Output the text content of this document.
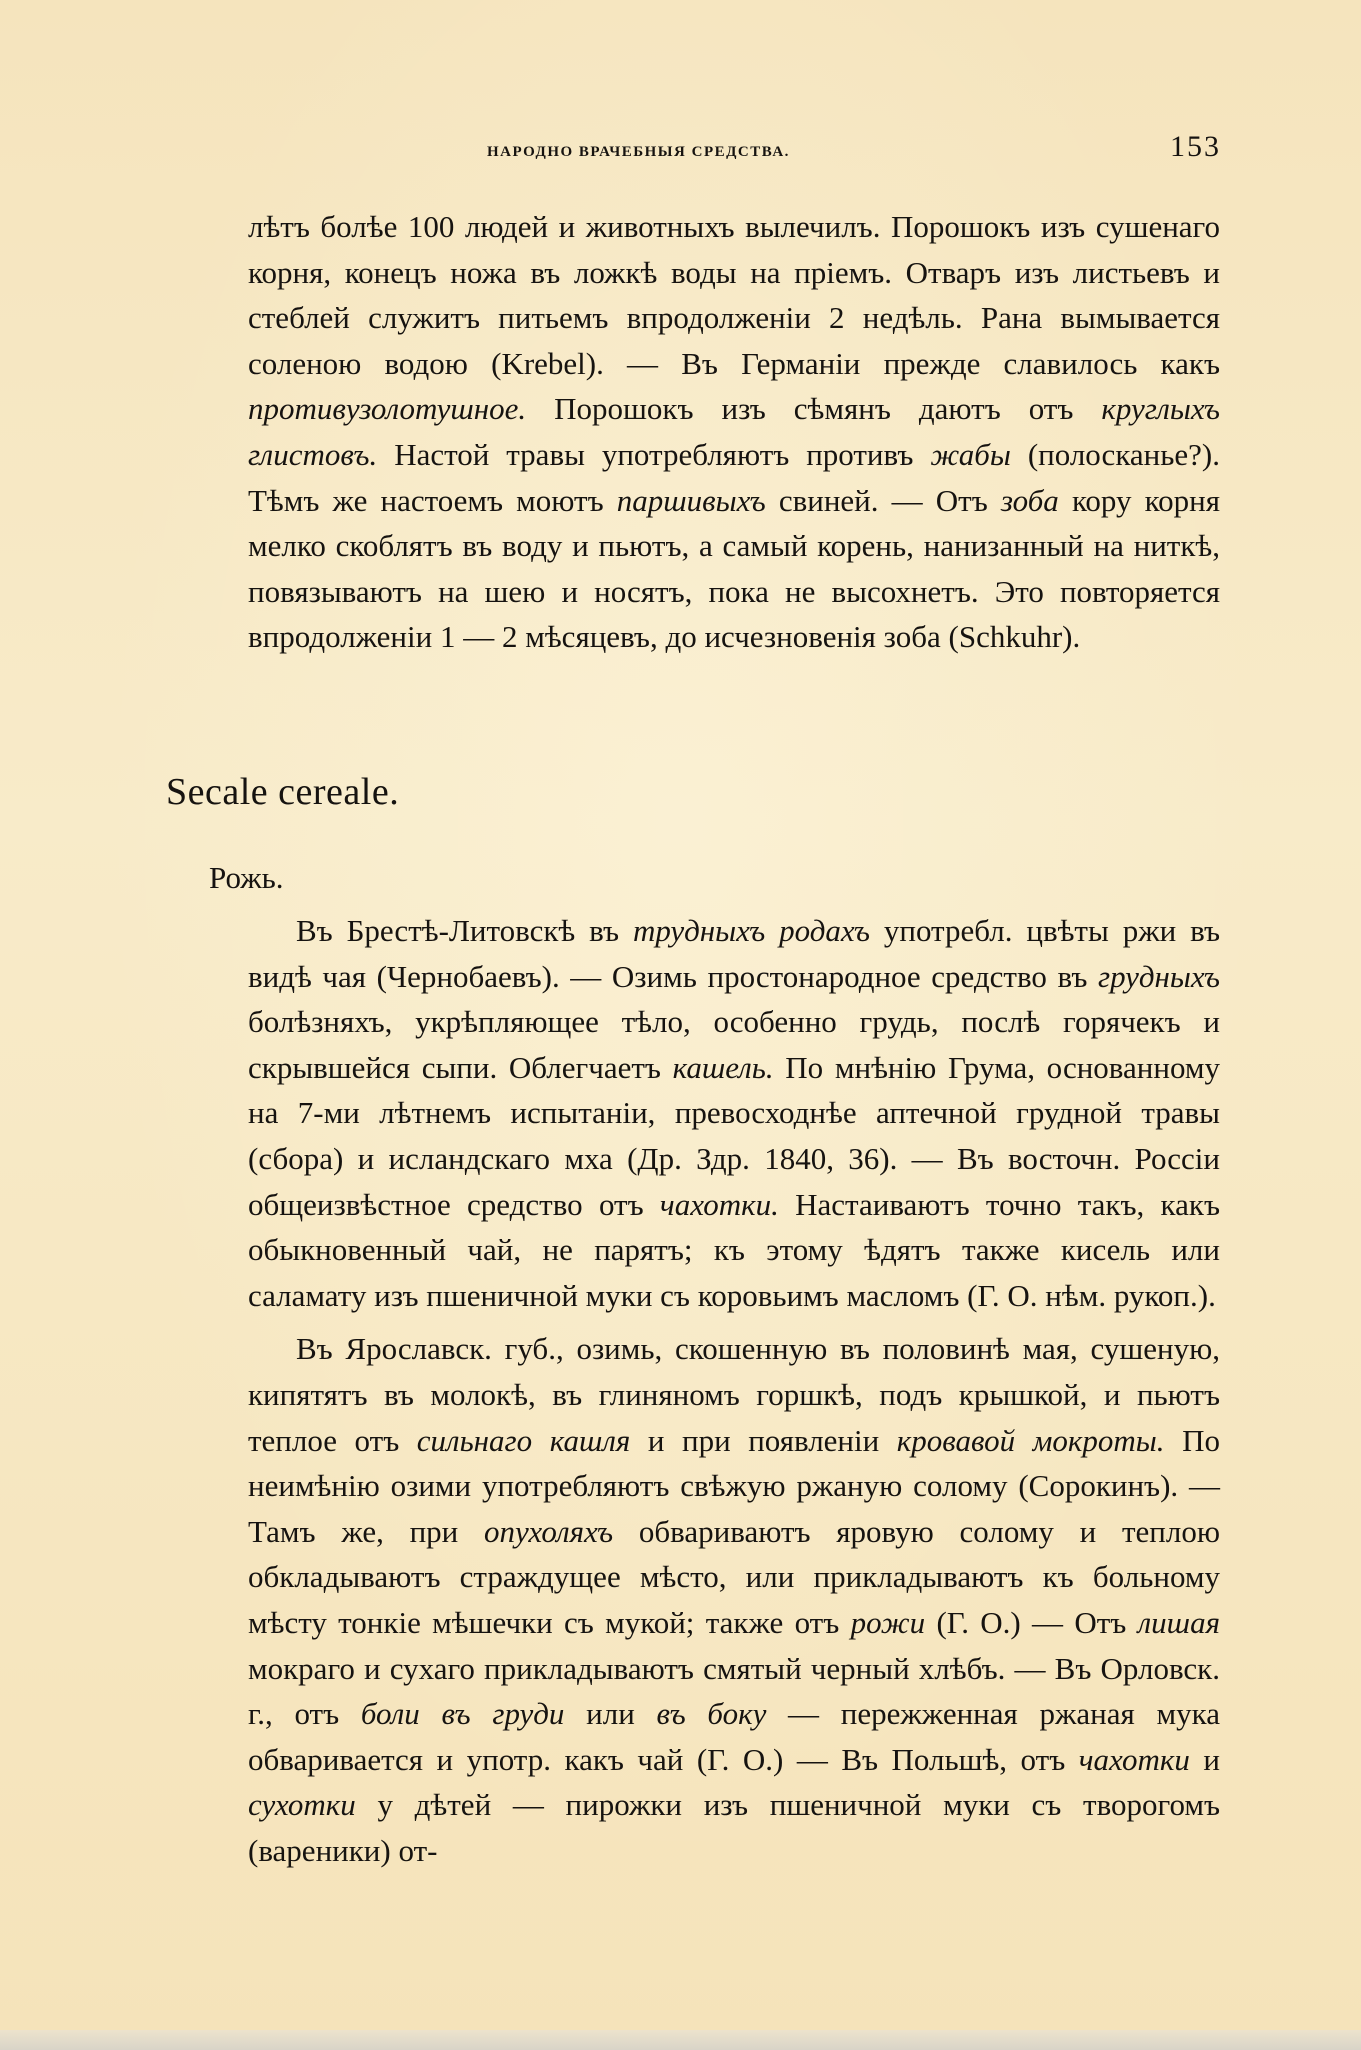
НАРОДНО ВРАЧЕБНЫЯ СРЕДСТВА.	153

лѣтъ болѣе 100 людей и животныхъ вылечилъ. Порошокъ изъ сушенаго корня, конецъ ножа въ ложкѣ воды на пріемъ. Отваръ изъ листьевъ и стеблей служитъ питьемъ впродолженіи 2 недѣль. Рана вымывается соленою водою (Krebel). — Въ Германіи прежде славилось какъ противузолотушное. Порошокъ изъ сѣмянъ даютъ отъ круглыхъ глистовъ. Настой травы употребляютъ противъ жабы (полосканье?). Тѣмъ же настоемъ моютъ паршивыхъ свиней. — Отъ зоба кору корня мелко скоблятъ въ воду и пьютъ, а самый корень, нанизанный на ниткѣ, повязываютъ на шею и носятъ, пока не высохнетъ. Это повторяется впродолженіи 1 — 2 мѣсяцевъ, до исчезновенія зоба (Schkuhr).

Secale cereale.
Рожь.

Въ Брестѣ-Литовскѣ въ трудныхъ родахъ употребл. цвѣты ржи въ видѣ чая (Чернобаевъ). — Озимь простонародное средство въ грудныхъ болѣзняхъ, укрѣпляющее тѣло, особенно грудь, послѣ горячекъ и скрывшейся сыпи. Облегчаетъ кашель. По мнѣнію Грума, основанному на 7-ми лѣтнемъ испытаніи, превосходнѣе аптечной грудной травы (сбора) и исландскаго мха (Др. Здр. 1840, 36). — Въ восточн. Россіи общеизвѣстное средство отъ чахотки. Настаиваютъ точно такъ, какъ обыкновенный чай, не парятъ; къ этому ѣдятъ также кисель или саламату изъ пшеничной муки съ коровьимъ масломъ (Г. О. нѣм. рукоп.).

Въ Ярославск. губ., озимь, скошенную въ половинѣ мая, сушеную, кипятятъ въ молокѣ, въ глиняномъ горшкѣ, подъ крышкой, и пьютъ теплое отъ сильнаго кашля и при появленіи кровавой мокроты. По неимѣнію озими употребляютъ свѣжую ржаную солому (Сорокинъ). — Тамъ же, при опухоляхъ обвариваютъ яровую солому и теплою обкладываютъ страждущее мѣсто, или прикладываютъ къ больному мѣсту тонкіе мѣшечки съ мукой; также отъ рожи (Г. О.) — Отъ лишая мокраго и сухаго прикладываютъ смятый черный хлѣбъ. — Въ Орловск. г., отъ боли въ груди или въ боку — пережженная ржаная мука обваривается и употр. какъ чай (Г. О.) — Въ Польшѣ, отъ чахотки и сухотки у дѣтей — пирожки изъ пшеничной муки съ творогомъ (вареники) от-
